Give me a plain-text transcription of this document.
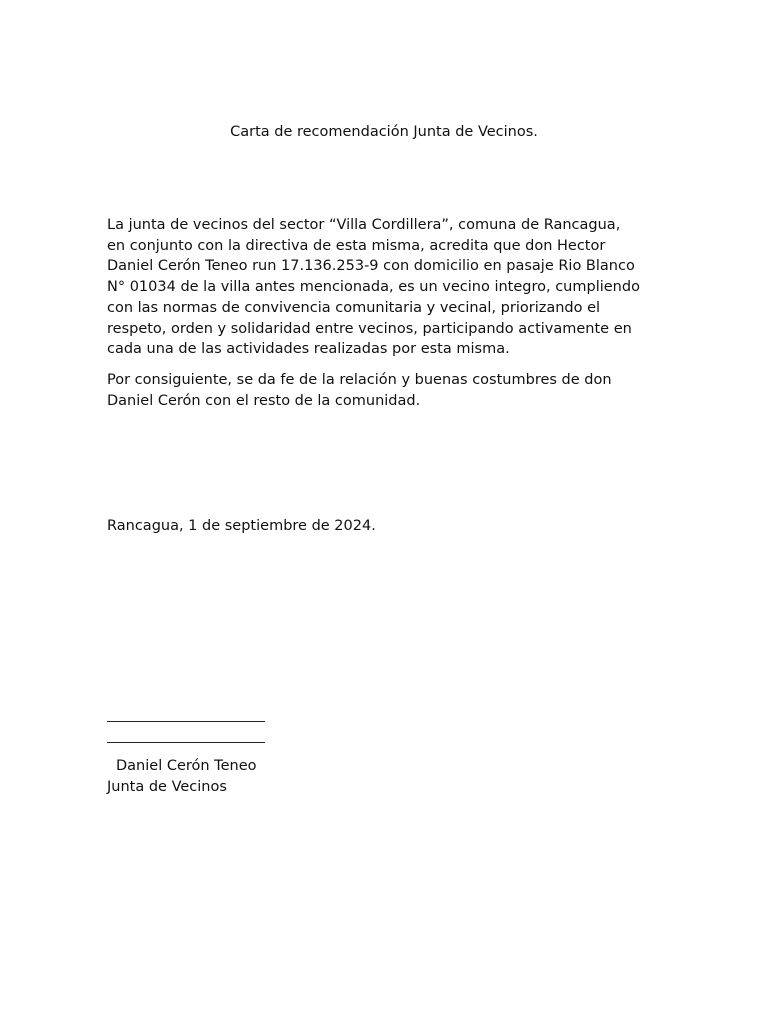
Carta de recomendación Junta de Vecinos.
La junta de vecinos del sector “Villa Cordillera”, comuna de Rancagua,
en conjunto con la directiva de esta misma, acredita que don Hector
Daniel Cerón Teneo run 17.136.253-9 con domicilio en pasaje Rio Blanco
N° 01034 de la villa antes mencionada, es un vecino integro, cumpliendo
con las normas de convivencia comunitaria y vecinal, priorizando el
respeto, orden y solidaridad entre vecinos, participando activamente en
cada una de las actividades realizadas por esta misma.
Por consiguiente, se da fe de la relación y buenas costumbres de don
Daniel Cerón con el resto de la comunidad.
Rancagua, 1 de septiembre de 2024.
Daniel Cerón Teneo
Junta de Vecinos
